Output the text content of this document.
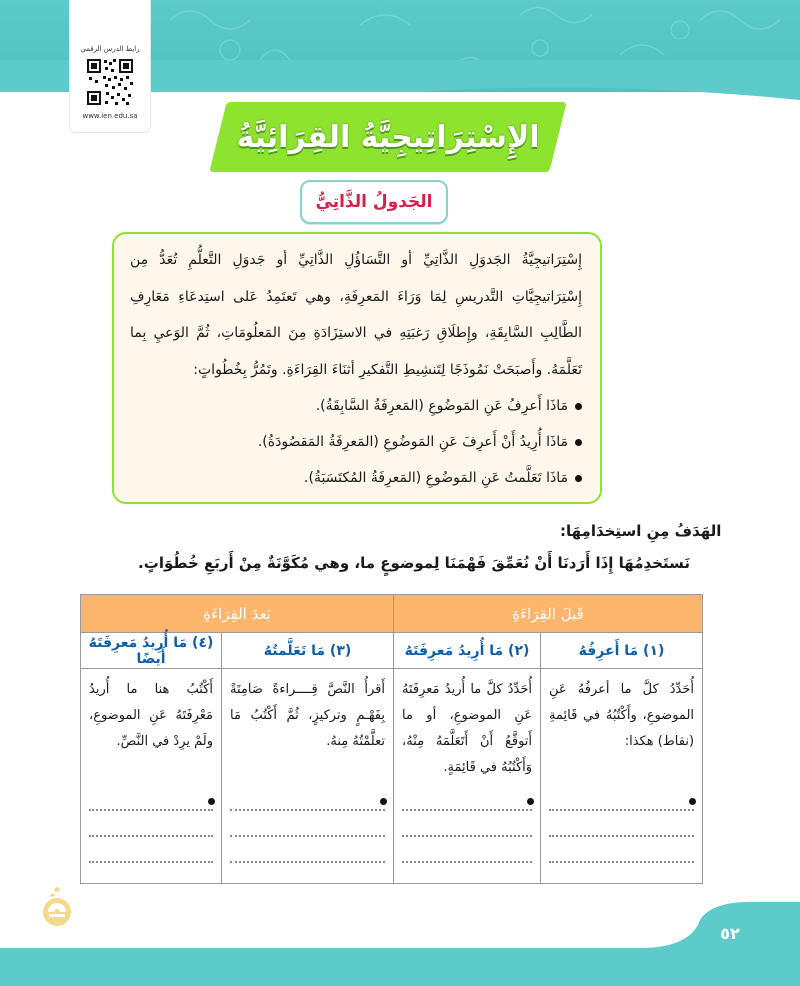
رابط الدرس الرقمي
www.ien.edu.sa
الإِسْتِرَاتِيجِيَّةُ القِرَائِيَّةُ
الجَدولُ الذَّاتِيُّ

إِسْتِرَاتيجِيَّةُ الجَدوَلِ الذَّاتِيِّ أو التَّسَاؤُلِ الذَّاتِيِّ أو جَدوَلِ التَّعلُّمِ تُعَدُّ مِن إِسْتِرَاتيجِيَّاتِ التَّدريسِ لِمَا وَرَاءَ المَعرِفَةِ، وهي تَعتَمِدُ عَلى استِدعَاءِ مَعَارِفِ الطَّالِبِ السَّابِقَةِ، وإِطلَاقِ رَغبَتِهِ في الاستِزَادَةِ مِنَ المَعلُومَاتِ، ثُمَّ الوَعيِ بِما تَعَلَّمَهُ. وأَصبَحَتْ نَمُوذَجًا لِتَنشِيطِ التَّفكيرِ أثنَاءَ القِرَاءَةِ. وتَمُرُّ بِخُطُواتٍ:

مَاذَا أَعرِفُ عَنِ المَوضُوعِ (المَعرِفَةُ السَّابِقَةُ).
مَاذَا أُرِيدُ أَنْ أَعرِفَ عَنِ المَوضُوعِ (المَعرِفَةُ المَقصُودَةُ).
مَاذَا تَعَلَّمتُ عَنِ المَوضُوعِ (المَعرِفَةُ المُكتَسَبَةُ).
الهَدَفُ مِنِ استِخدَامِهَا:
نَستَخدِمُهَا إِذَا أَرَدنَا أَنْ نُعَمِّقَ فَهْمَنَا لِموضوعٍ ما، وهي مُكَوَّنَةٌ مِنْ أَربَعِ خُطُوَاتٍ.
قَبلَ القِرَاءَةِ		بَعدَ القِرَاءَةِ	
(١) مَا أَعرِفُهُ	(٢) مَا أُرِيدُ مَعرِفَتَهُ	(٣) مَا تَعَلَّمتُهُ	(٤) مَا أُرِيدُ مَعرِفَتَهُ أَيضًا

أُحَدِّدُ كلَّ ما أعرفُهُ عَنِ الموضوعِ، وأَكْتُبُهُ في قَائِمةِ (نقاط) هكذا:	أُحَدِّدُ كلَّ ما أُريدُ مَعرِفَتَهُ عَنِ الموضوعِ، أو ما أَتوقَّعُ أَنْ أَتَعَلَّمَهُ مِنْهُ، وَأَكْتُبُهُ في قَائِمَةٍ.	أَقرأُ النَّصَّ قِــــراءةً صَامِتَةً بِفَهْـمٍ وتركيزٍ، ثُمَّ أَكْتُبُ مَا تعلَّمْتُهُ مِنهُ.	أَكْتُبُ هنا ما أُريدُ مَعْرِفَتَهُ عَنِ الموضوعِ، ولَمْ يرِدْ في النَّصِّ.
٥٢
